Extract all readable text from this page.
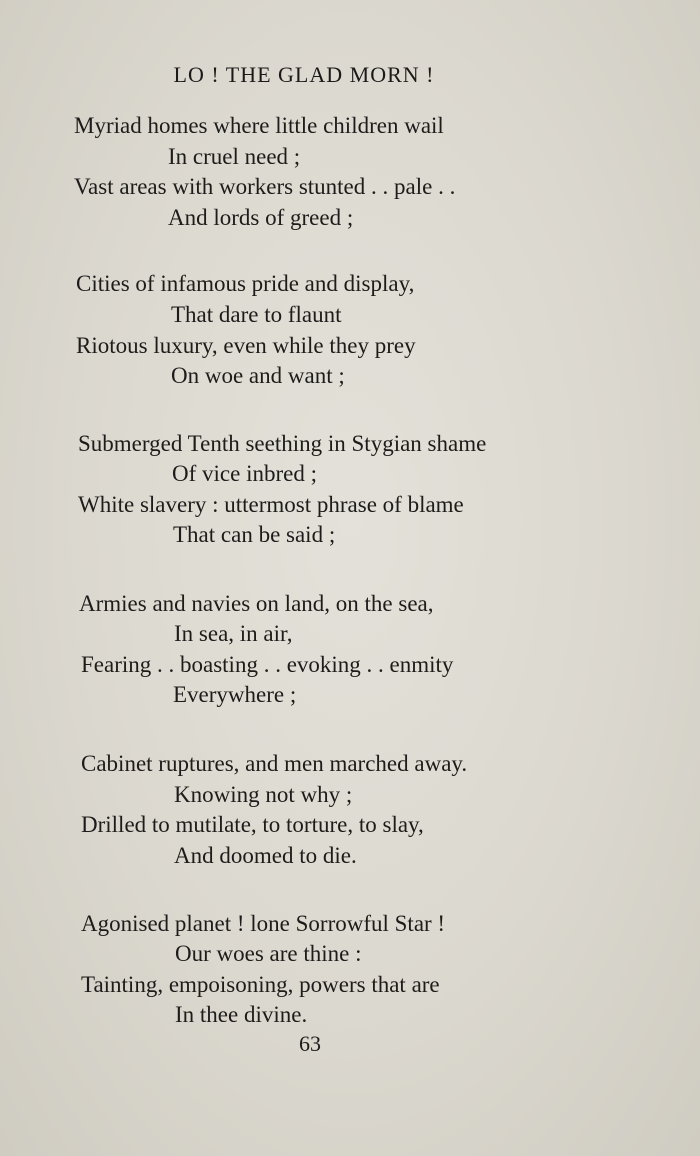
LO ! THE GLAD MORN !
Myriad homes where little children wail
In cruel need ;
Vast areas with workers stunted . . pale . .
And lords of greed ;
Cities of infamous pride and display,
That dare to flaunt
Riotous luxury, even while they prey
On woe and want ;
Submerged Tenth seething in Stygian shame
Of vice inbred ;
White slavery : uttermost phrase of blame
That can be said ;
Armies and navies on land, on the sea,
In sea, in air,
Fearing . . boasting . . evoking . . enmity
Everywhere ;
Cabinet ruptures, and men marched away.
Knowing not why ;
Drilled to mutilate, to torture, to slay,
And doomed to die.
Agonised planet ! lone Sorrowful Star !
Our woes are thine :
Tainting, empoisoning, powers that are
In thee divine.
63
